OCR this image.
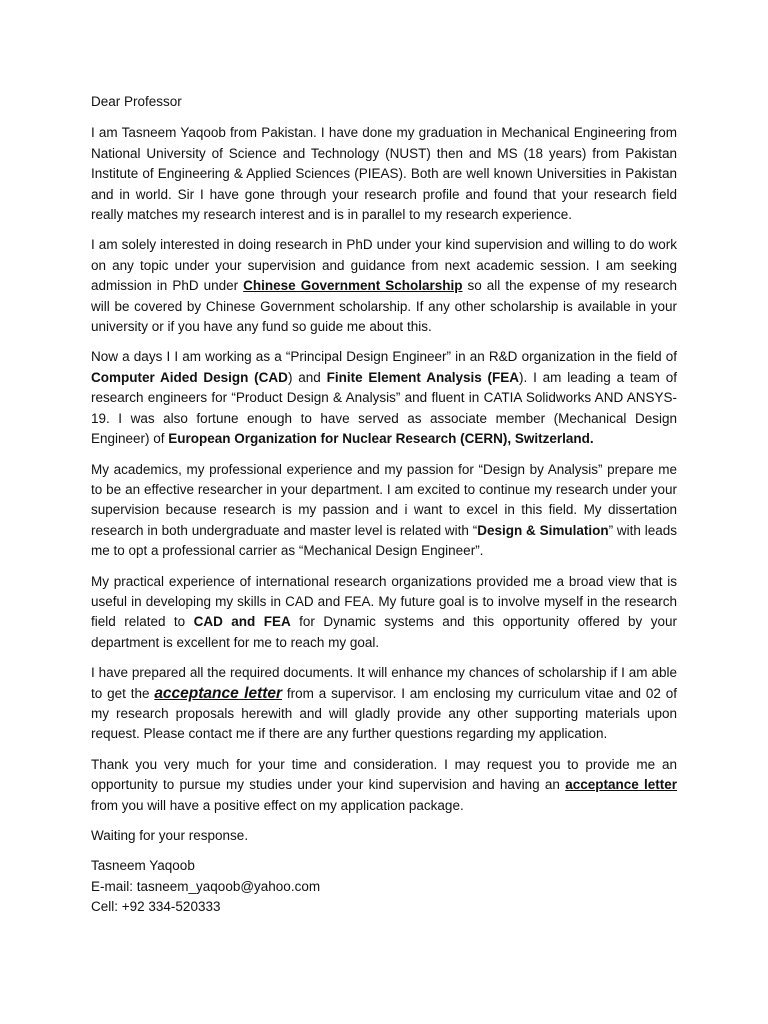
Dear Professor

I am Tasneem Yaqoob from Pakistan. I have done my graduation in Mechanical Engineering from National University of Science and Technology (NUST) then and MS (18 years) from Pakistan Institute of Engineering & Applied Sciences (PIEAS). Both are well known Universities in Pakistan and in world. Sir I have gone through your research profile and found that your research field really matches my research interest and is in parallel to my research experience.

I am solely interested in doing research in PhD under your kind supervision and willing to do work on any topic under your supervision and guidance from next academic session. I am seeking admission in PhD under Chinese Government Scholarship so all the expense of my research will be covered by Chinese Government scholarship. If any other scholarship is available in your university or if you have any fund so guide me about this.

Now a days I I am working as a “Principal Design Engineer” in an R&D organization in the field of Computer Aided Design (CAD) and Finite Element Analysis (FEA). I am leading a team of research engineers for “Product Design & Analysis” and fluent in CATIA Solidworks AND ANSYS-19. I was also fortune enough to have served as associate member (Mechanical Design Engineer) of European Organization for Nuclear Research (CERN), Switzerland.

My academics, my professional experience and my passion for “Design by Analysis” prepare me to be an effective researcher in your department. I am excited to continue my research under your supervision because research is my passion and i want to excel in this field. My dissertation research in both undergraduate and master level is related with “Design & Simulation” with leads me to opt a professional carrier as “Mechanical Design Engineer”.

My practical experience of international research organizations provided me a broad view that is useful in developing my skills in CAD and FEA. My future goal is to involve myself in the research field related to CAD and FEA for Dynamic systems and this opportunity offered by your department is excellent for me to reach my goal.

I have prepared all the required documents. It will enhance my chances of scholarship if I am able to get the acceptance letter from a supervisor. I am enclosing my curriculum vitae and 02 of my research proposals herewith and will gladly provide any other supporting materials upon request. Please contact me if there are any further questions regarding my application.

Thank you very much for your time and consideration. I may request you to provide me an opportunity to pursue my studies under your kind supervision and having an acceptance letter from you will have a positive effect on my application package.

Waiting for your response.

Tasneem Yaqoob
E-mail: tasneem_yaqoob@yahoo.com
Cell: +92 334-520333
